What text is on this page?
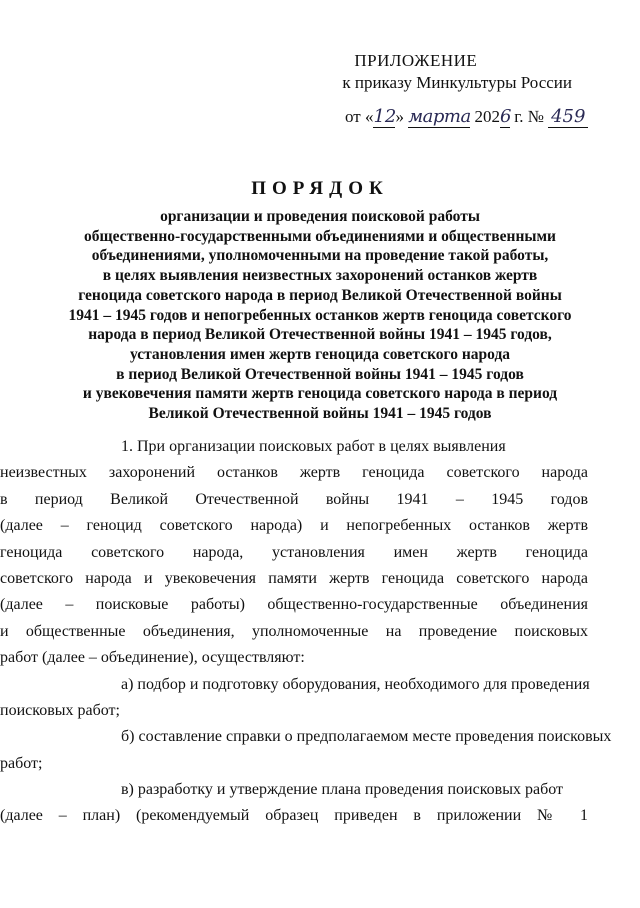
ПРИЛОЖЕНИЕ
к приказу Минкультуры России
от «12» марта 2026 г. № 459
ПОРЯДОК
организации и проведения поисковой работы
общественно-государственными объединениями и общественными
объединениями, уполномоченными на проведение такой работы,
в целях выявления неизвестных захоронений останков жертв
геноцида советского народа в период Великой Отечественной войны
1941 – 1945 годов и непогребенных останков жертв геноцида советского
народа в период Великой Отечественной войны 1941 – 1945 годов,
установления имен жертв геноцида советского народа
в период Великой Отечественной войны 1941 – 1945 годов
и увековечения памяти жертв геноцида советского народа в период
Великой Отечественной войны 1941 – 1945 годов
1. При организации поисковых работ в целях выявления
неизвестных захоронений останков жертв геноцида советского народа
в период Великой Отечественной войны 1941 – 1945 годов
(далее – геноцид советского народа) и непогребенных останков жертв
геноцида советского народа, установления имен жертв геноцида
советского народа и увековечения памяти жертв геноцида советского народа
(далее – поисковые работы) общественно-государственные объединения
и общественные объединения, уполномоченные на проведение поисковых
работ (далее – объединение), осуществляют:
а) подбор и подготовку оборудования, необходимого для проведения
поисковых работ;
б) составление справки о предполагаемом месте проведения поисковых
работ;
в) разработку и утверждение плана проведения поисковых работ
(далее – план) (рекомендуемый образец приведен в приложении № 1
